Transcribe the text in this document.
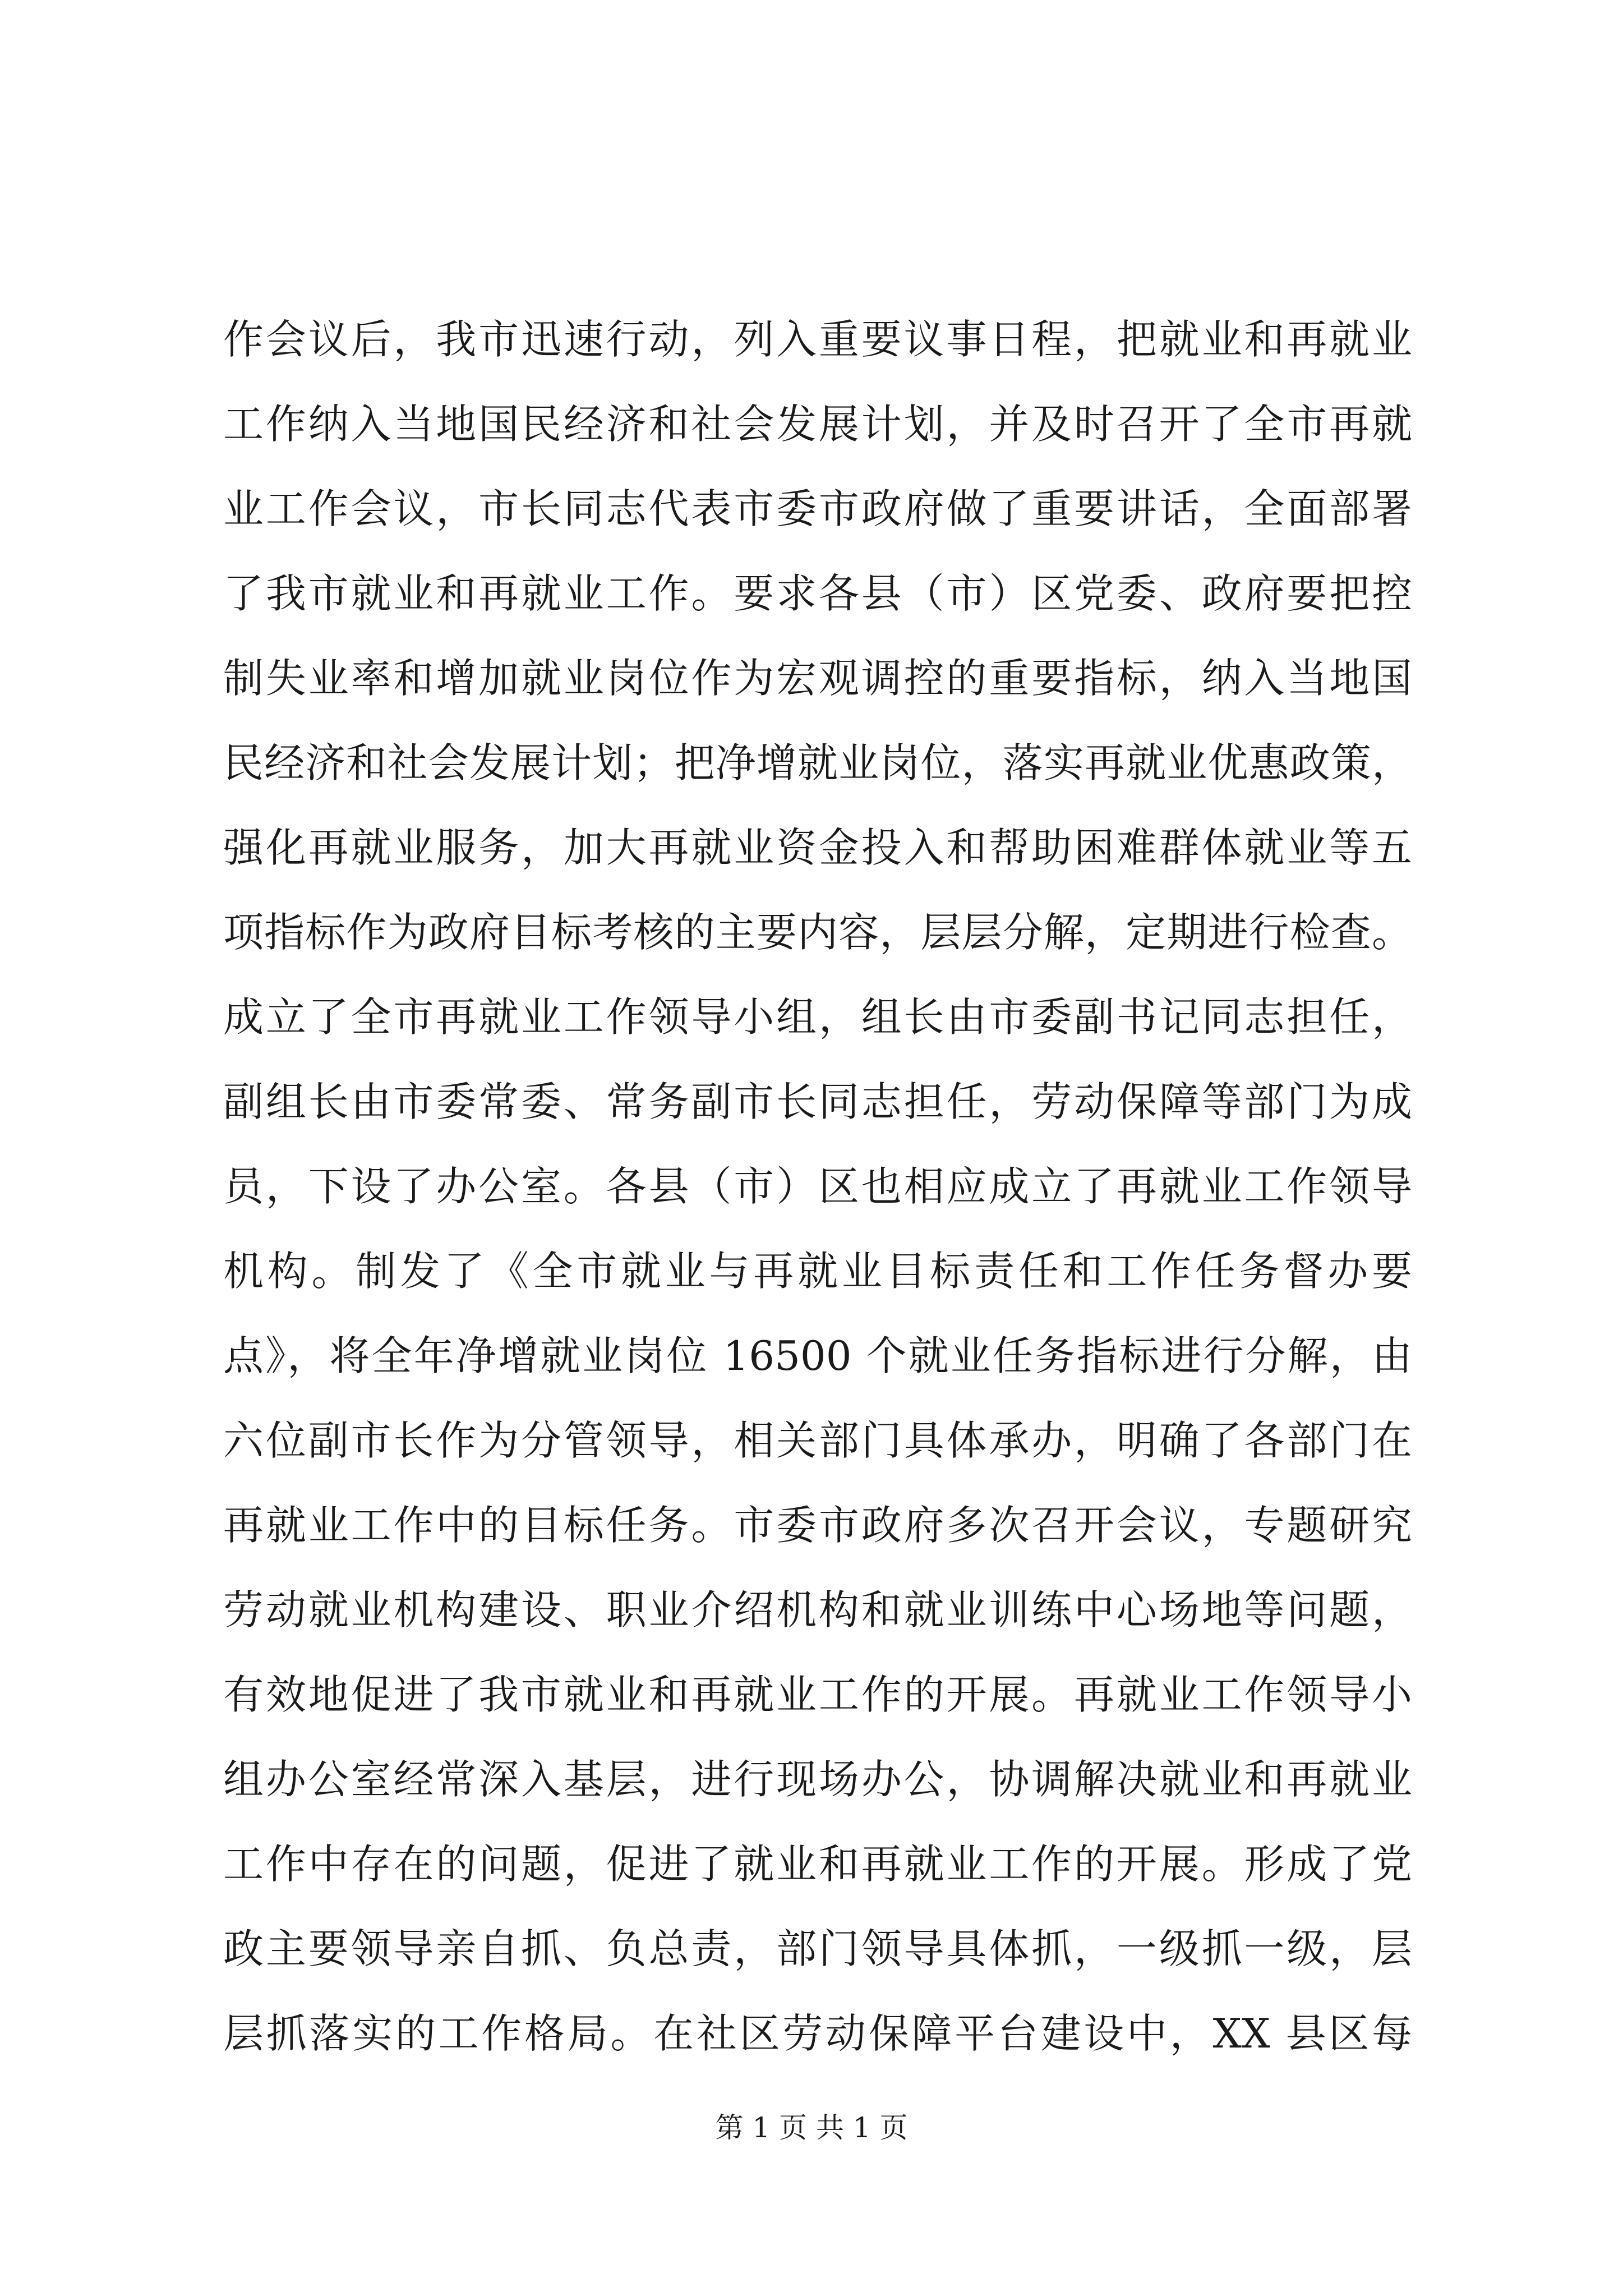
作会议后，我市迅速行动，列入重要议事日程，把就业和再就业
工作纳入当地国民经济和社会发展计划，并及时召开了全市再就
业工作会议，市长同志代表市委市政府做了重要讲话，全面部署
了我市就业和再就业工作。要求各县（市）区党委、政府要把控
制失业率和增加就业岗位作为宏观调控的重要指标，纳入当地国
民经济和社会发展计划；把净增就业岗位，落实再就业优惠政策，
强化再就业服务，加大再就业资金投入和帮助困难群体就业等五
项指标作为政府目标考核的主要内容，层层分解，定期进行检查。
成立了全市再就业工作领导小组，组长由市委副书记同志担任，
副组长由市委常委、常务副市长同志担任，劳动保障等部门为成
员，下设了办公室。各县（市）区也相应成立了再就业工作领导
机构。制发了《全市就业与再就业目标责任和工作任务督办要
点》，将全年净增就业岗位 16500 个就业任务指标进行分解，由
六位副市长作为分管领导，相关部门具体承办，明确了各部门在
再就业工作中的目标任务。市委市政府多次召开会议，专题研究
劳动就业机构建设、职业介绍机构和就业训练中心场地等问题，
有效地促进了我市就业和再就业工作的开展。再就业工作领导小
组办公室经常深入基层，进行现场办公，协调解决就业和再就业
工作中存在的问题，促进了就业和再就业工作的开展。形成了党
政主要领导亲自抓、负总责，部门领导具体抓，一级抓一级，层
层抓落实的工作格局。在社区劳动保障平台建设中，XX 县区每
第 1 页 共 1 页
